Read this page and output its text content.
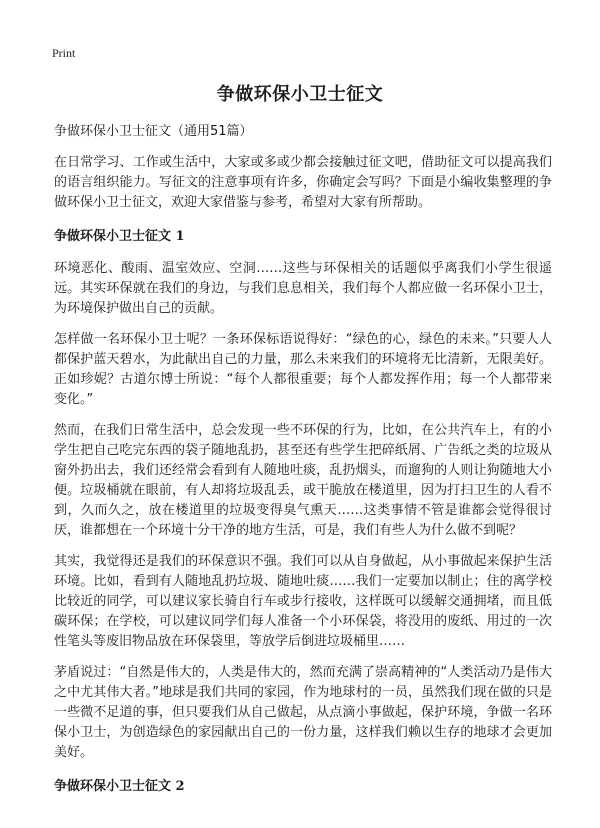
Print
争做环保小卫士征文
争做环保小卫士征文（通用51篇）

在日常学习、工作或生活中，大家或多或少都会接触过征文吧，借助征文可以提高我们的语言组织能力。写征文的注意事项有许多，你确定会写吗？下面是小编收集整理的争做环保小卫士征文，欢迎大家借鉴与参考，希望对大家有所帮助。

争做环保小卫士征文 1

环境恶化、酸雨、温室效应、空洞……这些与环保相关的话题似乎离我们小学生很遥远。其实环保就在我们的身边，与我们息息相关，我们每个人都应做一名环保小卫士，为环境保护做出自己的贡献。

怎样做一名环保小卫士呢？一条环保标语说得好：“绿色的心，绿色的未来。”只要人人都保护蓝天碧水，为此献出自己的力量，那么未来我们的环境将无比清新，无限美好。正如珍妮？古道尔博士所说：“每个人都很重要；每个人都发挥作用；每一个人都带来变化。”

然而，在我们日常生活中，总会发现一些不环保的行为，比如，在公共汽车上，有的小学生把自己吃完东西的袋子随地乱扔，甚至还有些学生把碎纸屑、广告纸之类的垃圾从窗外扔出去，我们还经常会看到有人随地吐痰，乱扔烟头，而遛狗的人则让狗随地大小便。垃圾桶就在眼前，有人却将垃圾乱丢，或干脆放在楼道里，因为打扫卫生的人看不到，久而久之，放在楼道里的垃圾变得臭气熏天……这类事情不管是谁都会觉得很讨厌，谁都想在一个环境十分干净的地方生活，可是，我们有些人为什么做不到呢？

其实，我觉得还是我们的环保意识不强。我们可以从自身做起，从小事做起来保护生活环境。比如，看到有人随地乱扔垃圾、随地吐痰……我们一定要加以制止；住的离学校比较近的同学，可以建议家长骑自行车或步行接收，这样既可以缓解交通拥堵，而且低碳环保；在学校，可以建议同学们每人准备一个小环保袋，将没用的废纸、用过的一次性笔头等废旧物品放在环保袋里，等放学后倒进垃圾桶里……

茅盾说过：“自然是伟大的，人类是伟大的，然而充满了崇高精神的“人类活动乃是伟大之中尤其伟大者。”地球是我们共同的家园，作为地球村的一员，虽然我们现在做的只是一些微不足道的事，但只要我们从自己做起，从点滴小事做起，保护环境，争做一名环保小卫士，为创造绿色的家园献出自己的一份力量，这样我们赖以生存的地球才会更加美好。

争做环保小卫士征文 2
